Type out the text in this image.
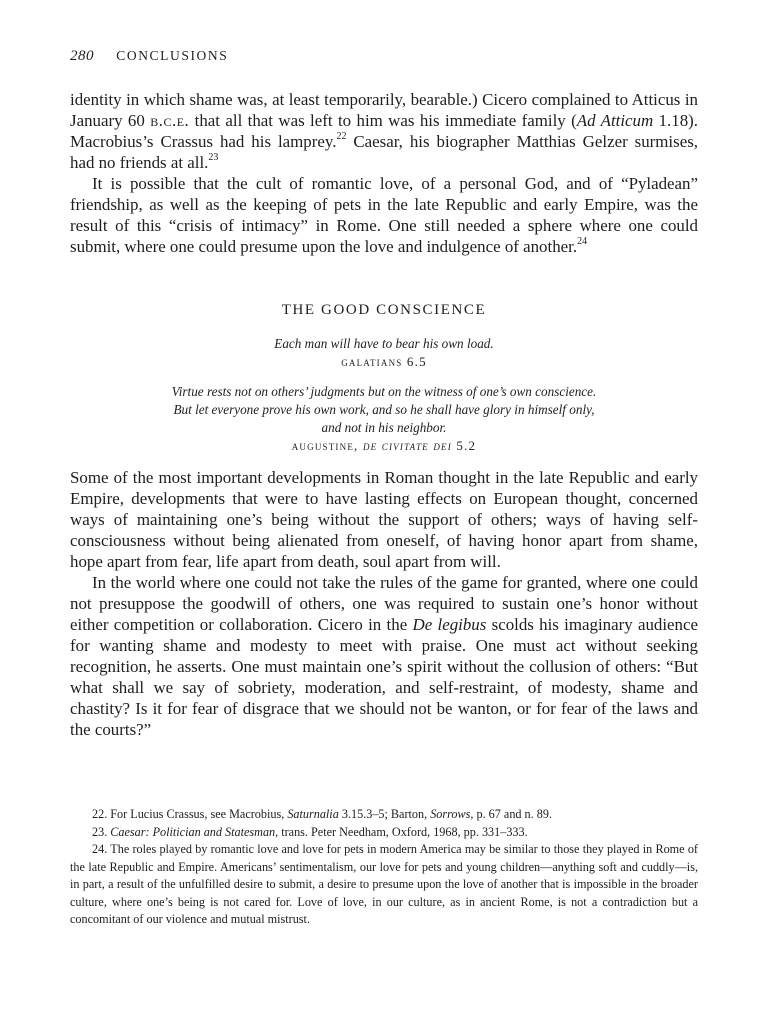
280 CONCLUSIONS

identity in which shame was, at least temporarily, bearable.) Cicero complained to Atticus in January 60 b.c.e. that all that was left to him was his immediate family (Ad Atticum 1.18). Macrobius’s Crassus had his lamprey.$^{22}$ Caesar, his biographer Matthias Gelzer surmises, had no friends at all.$^{23}$

It is possible that the cult of romantic love, of a personal God, and of “Pyladean” friendship, as well as the keeping of pets in the late Republic and early Empire, was the result of this “crisis of intimacy” in Rome. One still needed a sphere where one could submit, where one could presume upon the love and indulgence of another.$^{24}$

THE GOOD CONSCIENCE
Each man will have to bear his own load.
galatians 6.5
Virtue rests not on others’ judgments but on the witness of one’s own conscience.
But let everyone prove his own work, and so he shall have glory in himself only,
and not in his neighbor.
augustine, de civitate dei 5.2

Some of the most important developments in Roman thought in the late Republic and early Empire, developments that were to have lasting effects on European thought, concerned ways of maintaining one’s being without the support of others; ways of having self-consciousness without being alienated from oneself, of having honor apart from shame, hope apart from fear, life apart from death, soul apart from will.

In the world where one could not take the rules of the game for granted, where one could not presuppose the goodwill of others, one was required to sustain one’s honor without either competition or collaboration. Cicero in the De legibus scolds his imaginary audience for wanting shame and modesty to meet with praise. One must act without seeking recognition, he asserts. One must maintain one’s spirit without the collusion of others: “But what shall we say of sobriety, moderation, and self-restraint, of modesty, shame and chastity? Is it for fear of disgrace that we should not be wanton, or for fear of the laws and the courts?”

22. For Lucius Crassus, see Macrobius, Saturnalia 3.15.3–5; Barton, Sorrows, p. 67 and n. 89.

23. Caesar: Politician and Statesman, trans. Peter Needham, Oxford, 1968, pp. 331–333.

24. The roles played by romantic love and love for pets in modern America may be similar to those they played in Rome of the late Republic and Empire. Americans’ sentimentalism, our love for pets and young children—anything soft and cuddly—is, in part, a result of the unfulfilled desire to submit, a desire to presume upon the love of another that is impossible in the broader culture, where one’s being is not cared for. Love of love, in our culture, as in ancient Rome, is not a contradiction but a concomitant of our violence and mutual mistrust.
